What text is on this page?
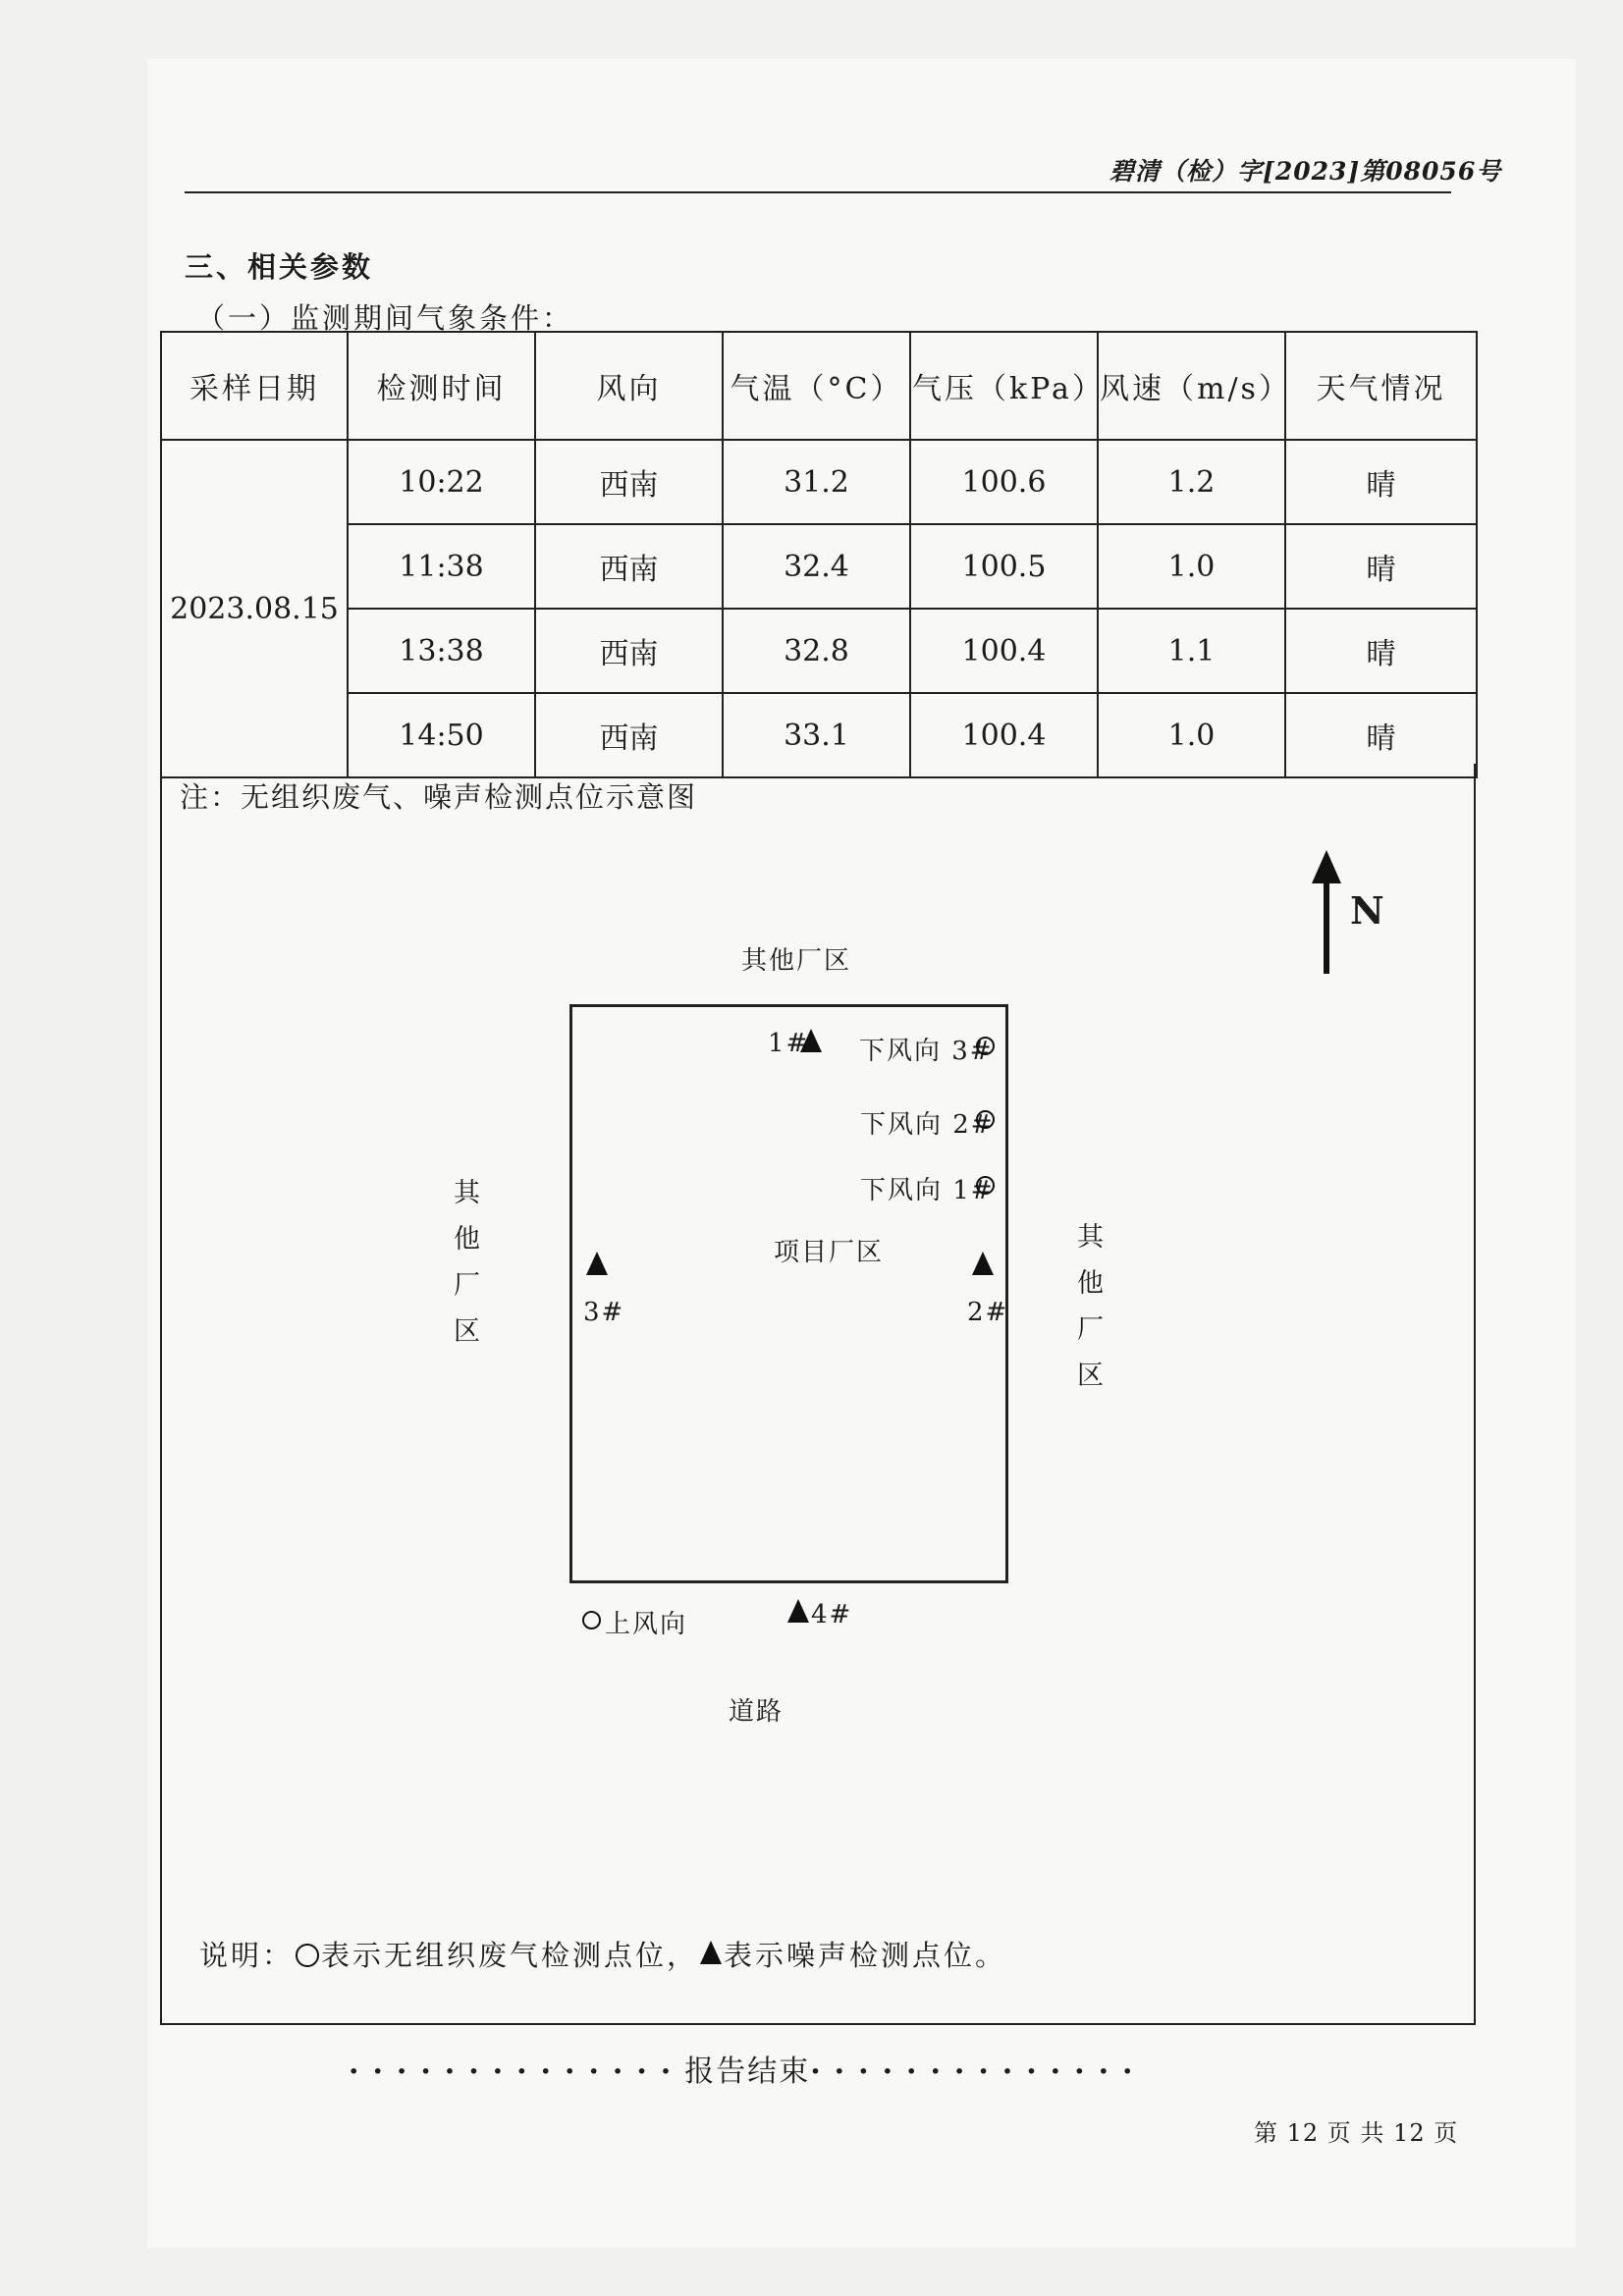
碧清（检）字[2023]第08056号
三、相关参数
（一）监测期间气象条件：
采样日期	检测时间	风向	气温（°C）	气压（kPa）	风速（m/s）	天气情况
2023.08.15	10:22	西南	31.2	100.6	1.2	晴
	11:38	西南	32.4	100.5	1.0	晴
	13:38	西南	32.8	100.4	1.1	晴
	14:50	西南	33.1	100.4	1.0	晴
注：无组织废气、噪声检测点位示意图
N
其他厂区
其他厂区	其他厂区
道路
项目厂区
1# 下风向 3#
下风向 2#
下风向 1#
3#	2#
上风向	4#
说明： 表示无组织废气检测点位， 表示噪声检测点位。
··············报告结束··············
第 12 页 共 12 页
